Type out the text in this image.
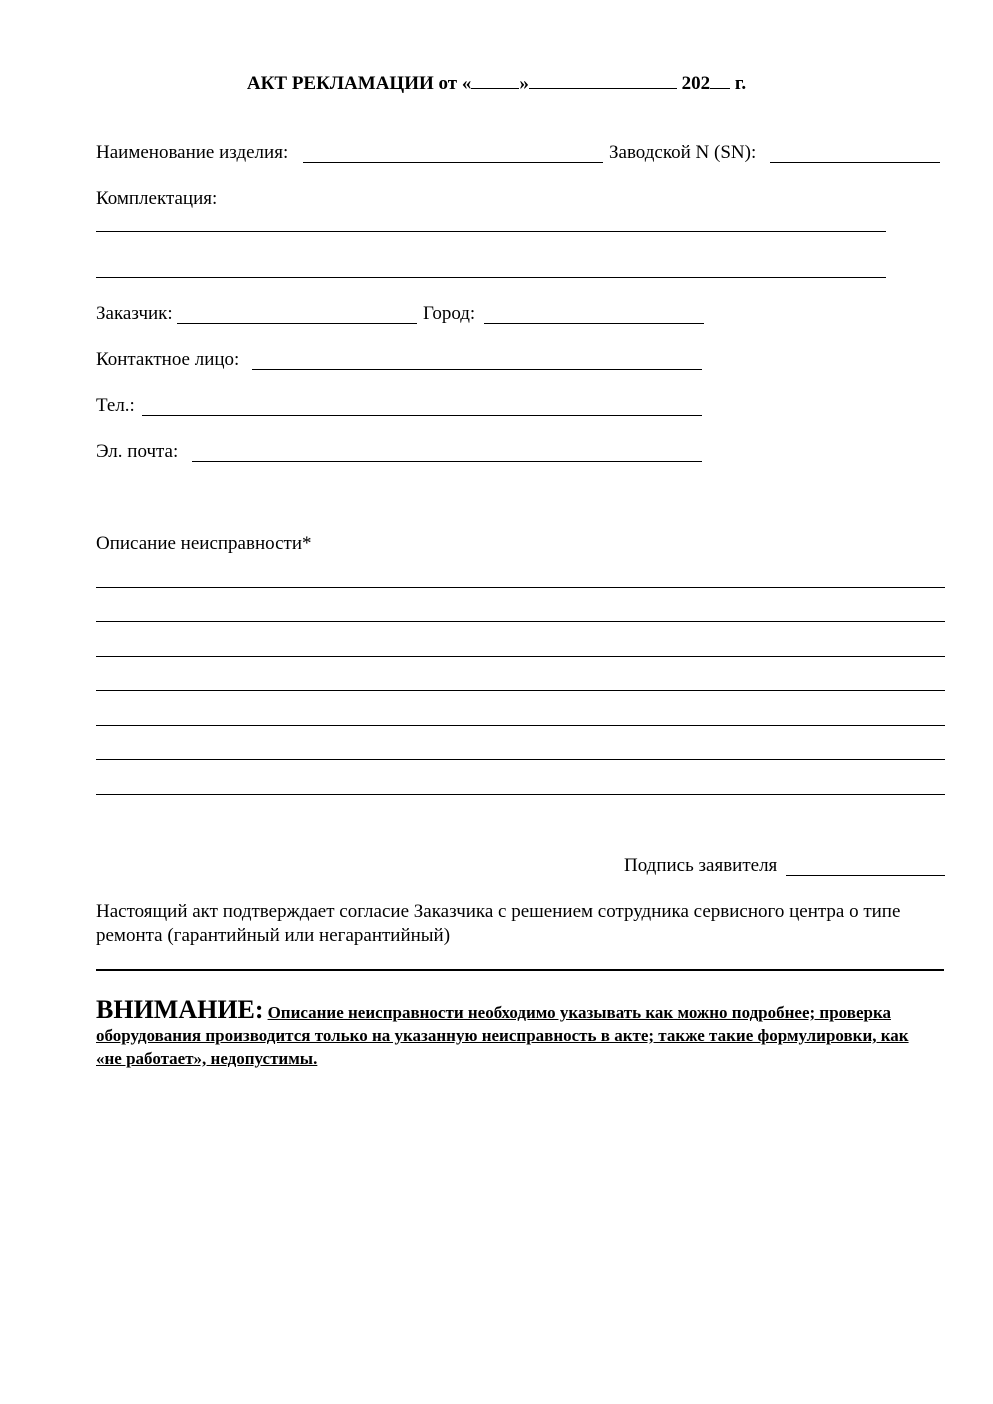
АКТ РЕКЛАМАЦИИ от «	»	202 г.
Наименование изделия:	Заводской N (SN):
Комплектация:
Заказчик:	Город:
Контактное лицо:
Тел.:
Эл. почта:
Описание неисправности*
Подпись заявителя
Настоящий акт подтверждает согласие Заказчика с решением сотрудника сервисного центра о типе ремонта (гарантийный или негарантийный)
ВНИМАНИЕ: Описание неисправности необходимо указывать как можно подробнее; проверка оборудования производится только на указанную неисправность в акте; также такие формулировки, как «не работает», недопустимы.
